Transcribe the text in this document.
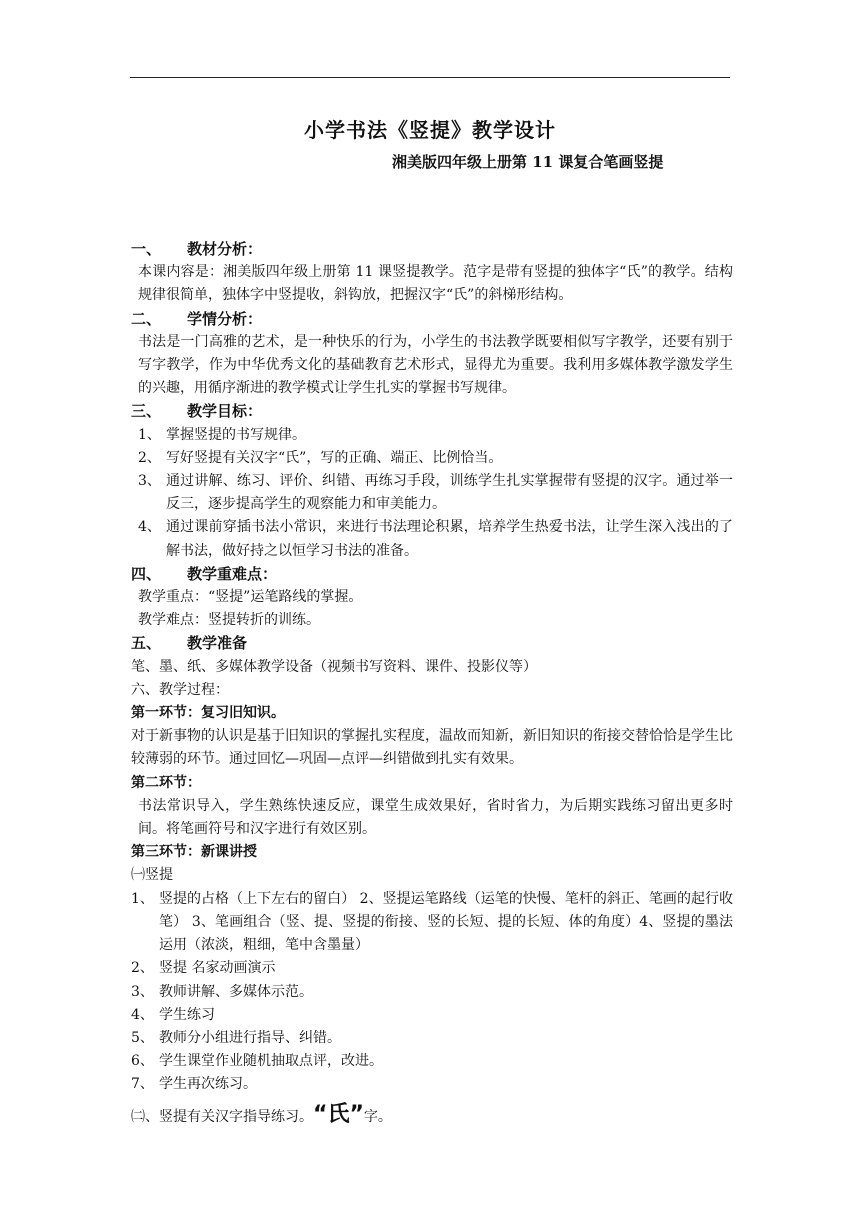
小学书法《竖提》教学设计
湘美版四年级上册第 11 课复合笔画竖提

一、 教材分析：

本课内容是：湘美版四年级上册第 11 课竖提教学。范字是带有竖提的独体字“氏”的教学。结构规律很简单，独体字中竖提收，斜钩放，把握汉字“氏”的斜梯形结构。

二、 学情分析：

书法是一门高雅的艺术，是一种快乐的行为，小学生的书法教学既要相似写字教学，还要有别于写字教学，作为中华优秀文化的基础教育艺术形式，显得尤为重要。我利用多媒体教学激发学生的兴趣，用循序渐进的教学模式让学生扎实的掌握书写规律。

三、 教学目标：

1、 掌握竖提的书写规律。
2、 写好竖提有关汉字“氏”，写的正确、端正、比例恰当。
3、 通过讲解、练习、评价、纠错、再练习手段，训练学生扎实掌握带有竖提的汉字。通过举一反三，逐步提高学生的观察能力和审美能力。
4、 通过课前穿插书法小常识，来进行书法理论积累，培养学生热爱书法，让学生深入浅出的了解书法，做好持之以恒学习书法的准备。

四、 教学重难点：

教学重点：“竖提”运笔路线的掌握。

教学难点：竖提转折的训练。

五、 教学准备

笔、墨、纸、多媒体教学设备（视频书写资料、课件、投影仪等）

六、教学过程：

第一环节：复习旧知识。

对于新事物的认识是基于旧知识的掌握扎实程度，温故而知新，新旧知识的衔接交替恰恰是学生比较薄弱的环节。通过回忆—巩固—点评—纠错做到扎实有效果。

第二环节：

书法常识导入，学生熟练快速反应，课堂生成效果好，省时省力，为后期实践练习留出更多时间。将笔画符号和汉字进行有效区别。

第三环节：新课讲授

㈠竖提

1、 竖提的占格（上下左右的留白） 2、竖提运笔路线（运笔的快慢、笔杆的斜正、笔画的起行收笔） 3、笔画组合（竖、提、竖提的衔接、竖的长短、提的长短、体的角度）4、竖提的墨法运用（浓淡，粗细，笔中含墨量）
2、 竖提 名家动画演示
3、 教师讲解、多媒体示范。
4、 学生练习
5、 教师分小组进行指导、纠错。
6、 学生课堂作业随机抽取点评，改进。
7、 学生再次练习。

㈡、竖提有关汉字指导练习。“氏”字。
